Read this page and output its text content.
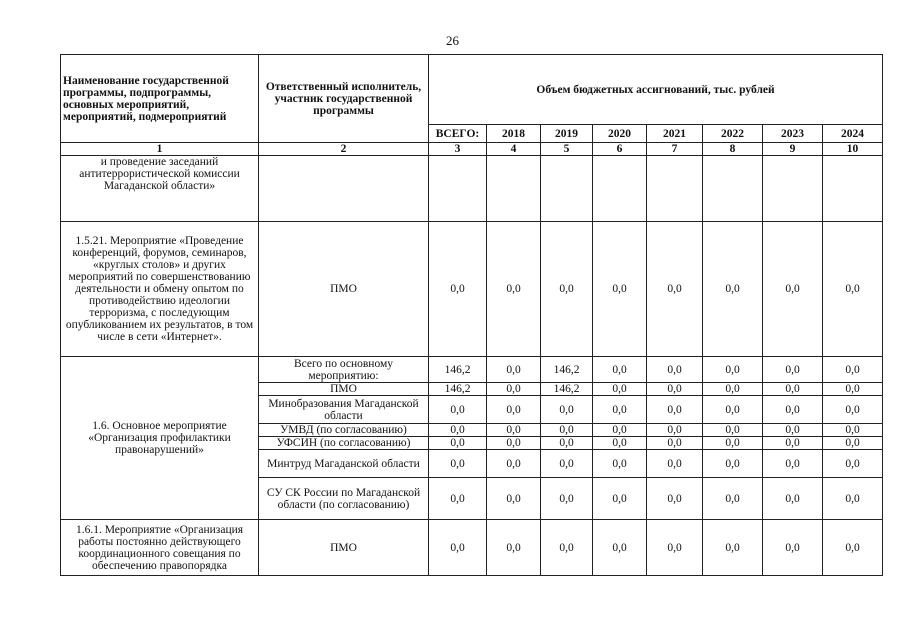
26
Наименование государственной программы, подпрограммы, основных мероприятий, мероприятий, подмероприятий	Ответственный исполнитель, участник государственной программы	Объем бюджетных ассигнований, тыс. рублей							
		ВСЕГО:	2018	2019	2020	2021	2022	2023	2024
1	2	3	4	5	6	7	8	9	10
и проведение заседаний антитеррористической комиссии Магаданской области»									
1.5.21. Мероприятие «Проведение конференций, форумов, семинаров, «круглых столов» и других мероприятий по совершенствованию деятельности и обмену опытом по противодействию идеологии терроризма, с последующим опубликованием их результатов, в том числе в сети «Интернет».	ПМО	0,0	0,0	0,0	0,0	0,0	0,0	0,0	0,0
1.6. Основное мероприятие «Организация профилактики правонарушений»	Всего по основному мероприятию:	146,2	0,0	146,2	0,0	0,0	0,0	0,0	0,0
	ПМО	146,2	0,0	146,2	0,0	0,0	0,0	0,0	0,0
	Минобразования Магаданской области	0,0	0,0	0,0	0,0	0,0	0,0	0,0	0,0
	УМВД (по согласованию)	0,0	0,0	0,0	0,0	0,0	0,0	0,0	0,0
	УФСИН (по согласованию)	0,0	0,0	0,0	0,0	0,0	0,0	0,0	0,0
	Минтруд Магаданской области	0,0	0,0	0,0	0,0	0,0	0,0	0,0	0,0
	СУ СК России по Магаданской области (по согласованию)	0,0	0,0	0,0	0,0	0,0	0,0	0,0	0,0
1.6.1. Мероприятие «Организация работы постоянно действующего координационного совещания по обеспечению правопорядка	ПМО	0,0	0,0	0,0	0,0	0,0	0,0	0,0	0,0
